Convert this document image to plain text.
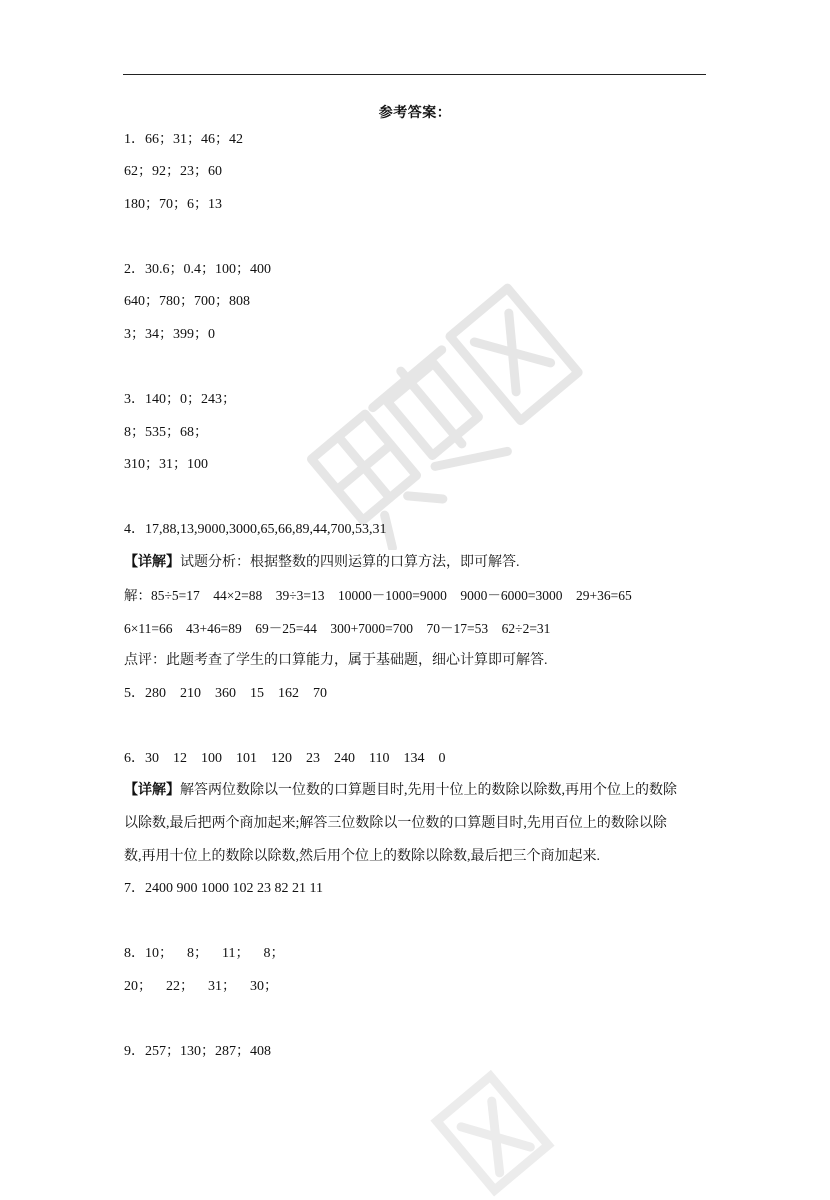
参考答案：
1．66；31；46；42
62；92；23；60
180；70；6；13
2．30.6；0.4；100；400
640；780；700；808
3；34；399；0
3．140；0；243；
8；535；68；
310；31；100
4．17,88,13,9000,3000,65,66,89,44,700,53,31
【详解】试题分析：根据整数的四则运算的口算方法，即可解答.
解：85÷5=17    44×2=88    39÷3=13    10000－1000=9000    9000－6000=3000    29+36=65
6×11=66    43+46=89    69－25=44    300+7000=700    70－17=53    62÷2=31
点评：此题考查了学生的口算能力，属于基础题，细心计算即可解答.
5．280    210    360    15    162    70
6．30    12    100    101    120    23    240    110    134    0
【详解】解答两位数除以一位数的口算题目时,先用十位上的数除以除数,再用个位上的数除
以除数,最后把两个商加起来;解答三位数除以一位数的口算题目时,先用百位上的数除以除
数,再用十位上的数除以除数,然后用个位上的数除以除数,最后把三个商加起来.
7．2400 900 1000 102 23 82 21 11
8．10；    8；    11；    8；
20；    22；    31；    30；
9．257；130；287；408
